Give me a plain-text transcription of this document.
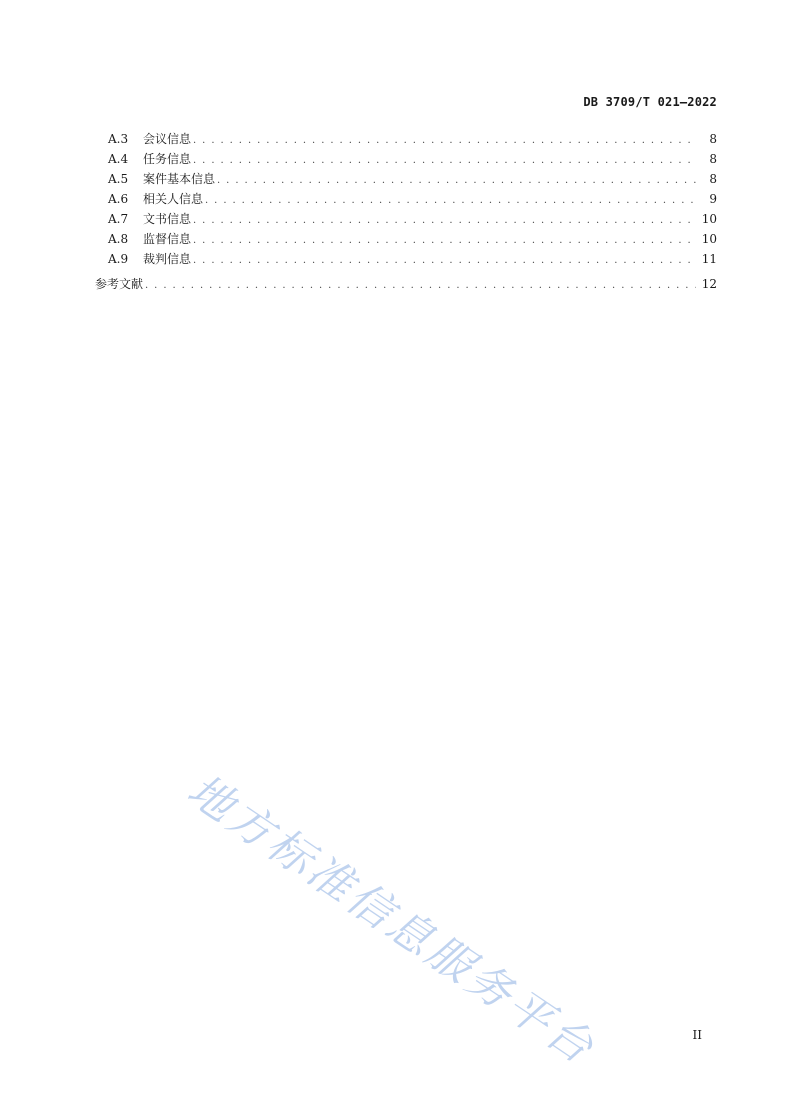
DB 3709/T 021—2022
A.3	会议信息 . . .	8
A.4	任务信息 . . .	8
A.5	案件基本信息 . . .	8
A.6	相关人信息 . . .	9
A.7	文书信息 . . .	10
A.8	监督信息 . . .	10
A.9	裁判信息 . . .	11
参考文献 . . .	12
地方标准信息服务平台	II
